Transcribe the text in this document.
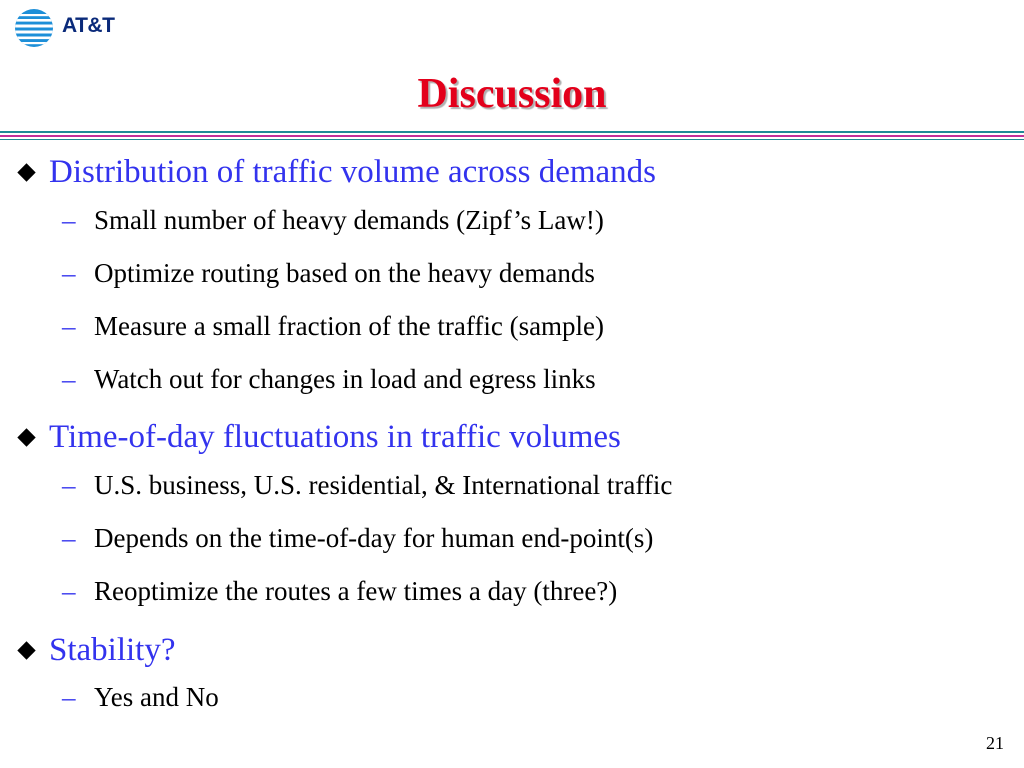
AT&T
Discussion
Distribution of traffic volume across demands
– Small number of heavy demands (Zipf’s Law!)
– Optimize routing based on the heavy demands
– Measure a small fraction of the traffic (sample)
– Watch out for changes in load and egress links
Time-of-day fluctuations in traffic volumes
– U.S. business, U.S. residential, & International traffic
– Depends on the time-of-day for human end-point(s)
– Reoptimize the routes a few times a day (three?)
Stability?
– Yes and No
21
